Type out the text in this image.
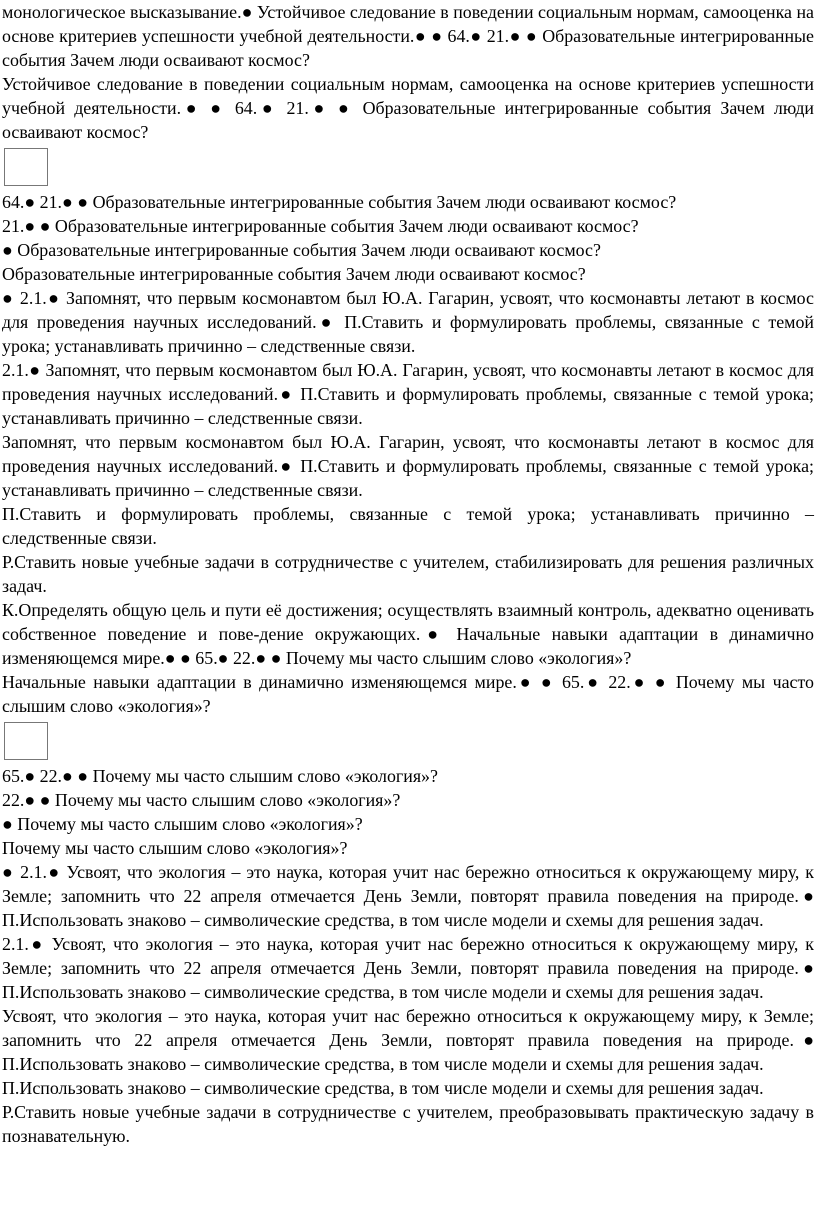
монологическое высказывание.● Устойчивое следование в поведении социальным нормам, самооценка на основе критериев успешности учебной деятельности.● ● 64.● 21.● ● Образовательные интегрированные события Зачем люди осваивают космос?

Устойчивое следование в поведении социальным нормам, самооценка на основе критериев успешности учебной деятельности.● ● 64.● 21.● ● Образовательные интегрированные события Зачем люди осваивают космос?

64.● 21.● ● Образовательные интегрированные события Зачем люди осваивают космос?

21.● ● Образовательные интегрированные события Зачем люди осваивают космос?

● Образовательные интегрированные события Зачем люди осваивают космос?

Образовательные интегрированные события Зачем люди осваивают космос?

● 2.1.● Запомнят, что первым космонавтом был Ю.А. Гагарин, усвоят, что космонавты летают в космос для проведения научных исследований.● П.Ставить и формулировать проблемы, связанные с темой урока; устанавливать причинно – следственные связи.

2.1.● Запомнят, что первым космонавтом был Ю.А. Гагарин, усвоят, что космонавты летают в космос для проведения научных исследований.● П.Ставить и формулировать проблемы, связанные с темой урока; устанавливать причинно – следственные связи.

Запомнят, что первым космонавтом был Ю.А. Гагарин, усвоят, что космонавты летают в космос для проведения научных исследований.● П.Ставить и формулировать проблемы, связанные с темой урока; устанавливать причинно – следственные связи.

П.Ставить и формулировать проблемы, связанные с темой урока; устанавливать причинно – следственные связи.

Р.Ставить новые учебные задачи в сотрудничестве с учителем, стабилизировать для решения различных задач.

К.Определять общую цель и пути её достижения; осуществлять взаимный контроль, адекватно оценивать собственное поведение и пове-дение окружающих.● Начальные навыки адаптации в динамично изменяющемся мире.● ● 65.● 22.● ● Почему мы часто слышим слово «экология»?

Начальные навыки адаптации в динамично изменяющемся мире.● ● 65.● 22.● ● Почему мы часто слышим слово «экология»?

65.● 22.● ● Почему мы часто слышим слово «экология»?

22.● ● Почему мы часто слышим слово «экология»?

● Почему мы часто слышим слово «экология»?

Почему мы часто слышим слово «экология»?

● 2.1.● Усвоят, что экология – это наука, которая учит нас бережно относиться к окружающему миру, к Земле; запомнить что 22 апреля отмечается День Земли, повторят правила поведения на природе.● П.Использовать знаково – символические средства, в том числе модели и схемы для решения задач.

2.1.● Усвоят, что экология – это наука, которая учит нас бережно относиться к окружающему миру, к Земле; запомнить что 22 апреля отмечается День Земли, повторят правила поведения на природе.● П.Использовать знаково – символические средства, в том числе модели и схемы для решения задач.

Усвоят, что экология – это наука, которая учит нас бережно относиться к окружающему миру, к Земле; запомнить что 22 апреля отмечается День Земли, повторят правила поведения на природе.● П.Использовать знаково – символические средства, в том числе модели и схемы для решения задач.

П.Использовать знаково – символические средства, в том числе модели и схемы для решения задач.

Р.Ставить новые учебные задачи в сотрудничестве с учителем, преобразовывать практическую задачу в познавательную.
